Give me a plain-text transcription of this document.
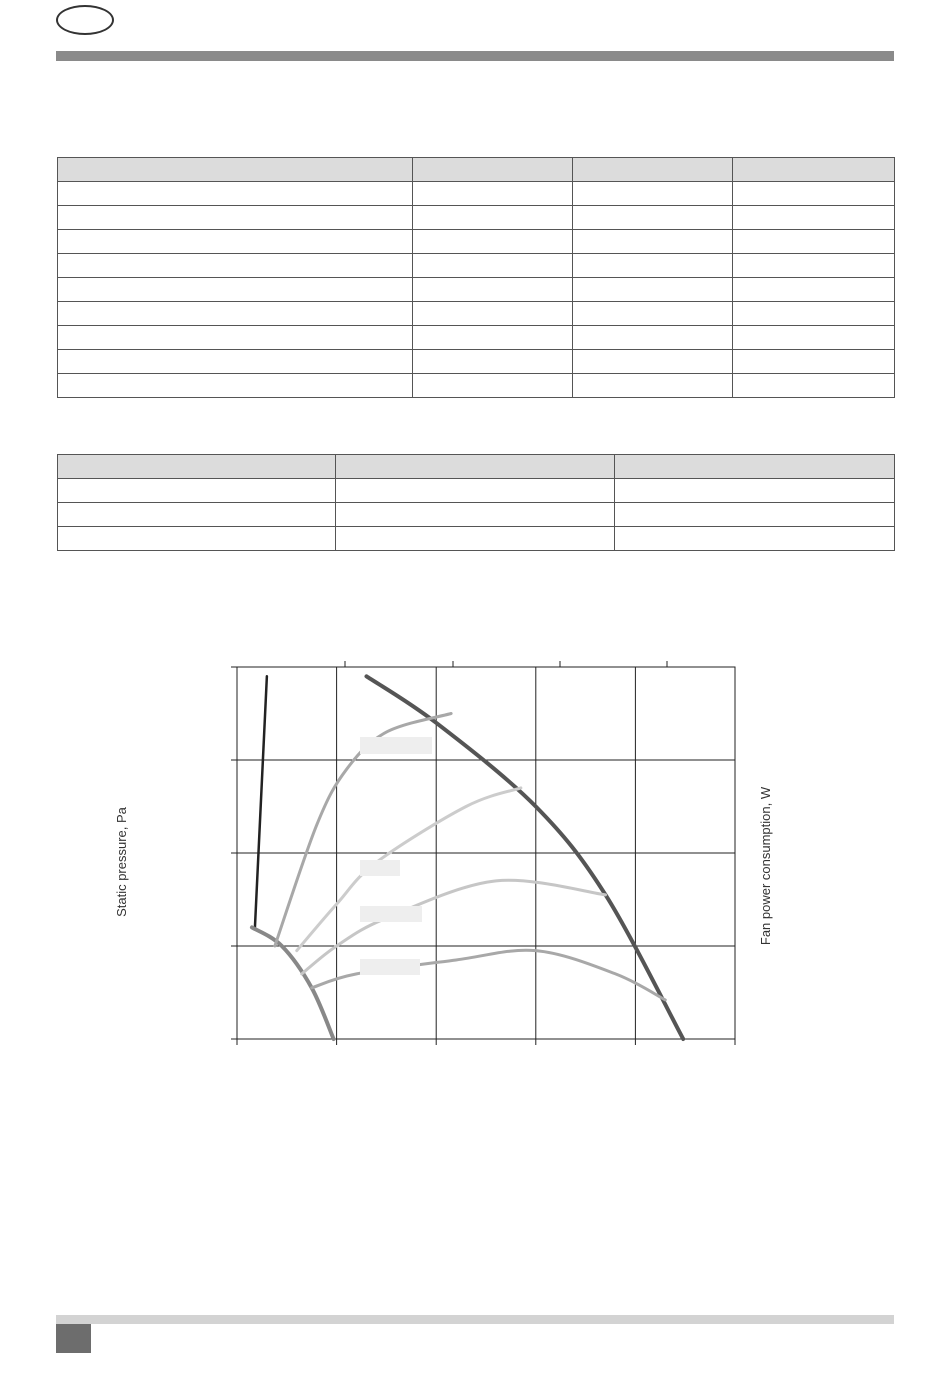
Static pressure, Pa	Fan power consumption, W
